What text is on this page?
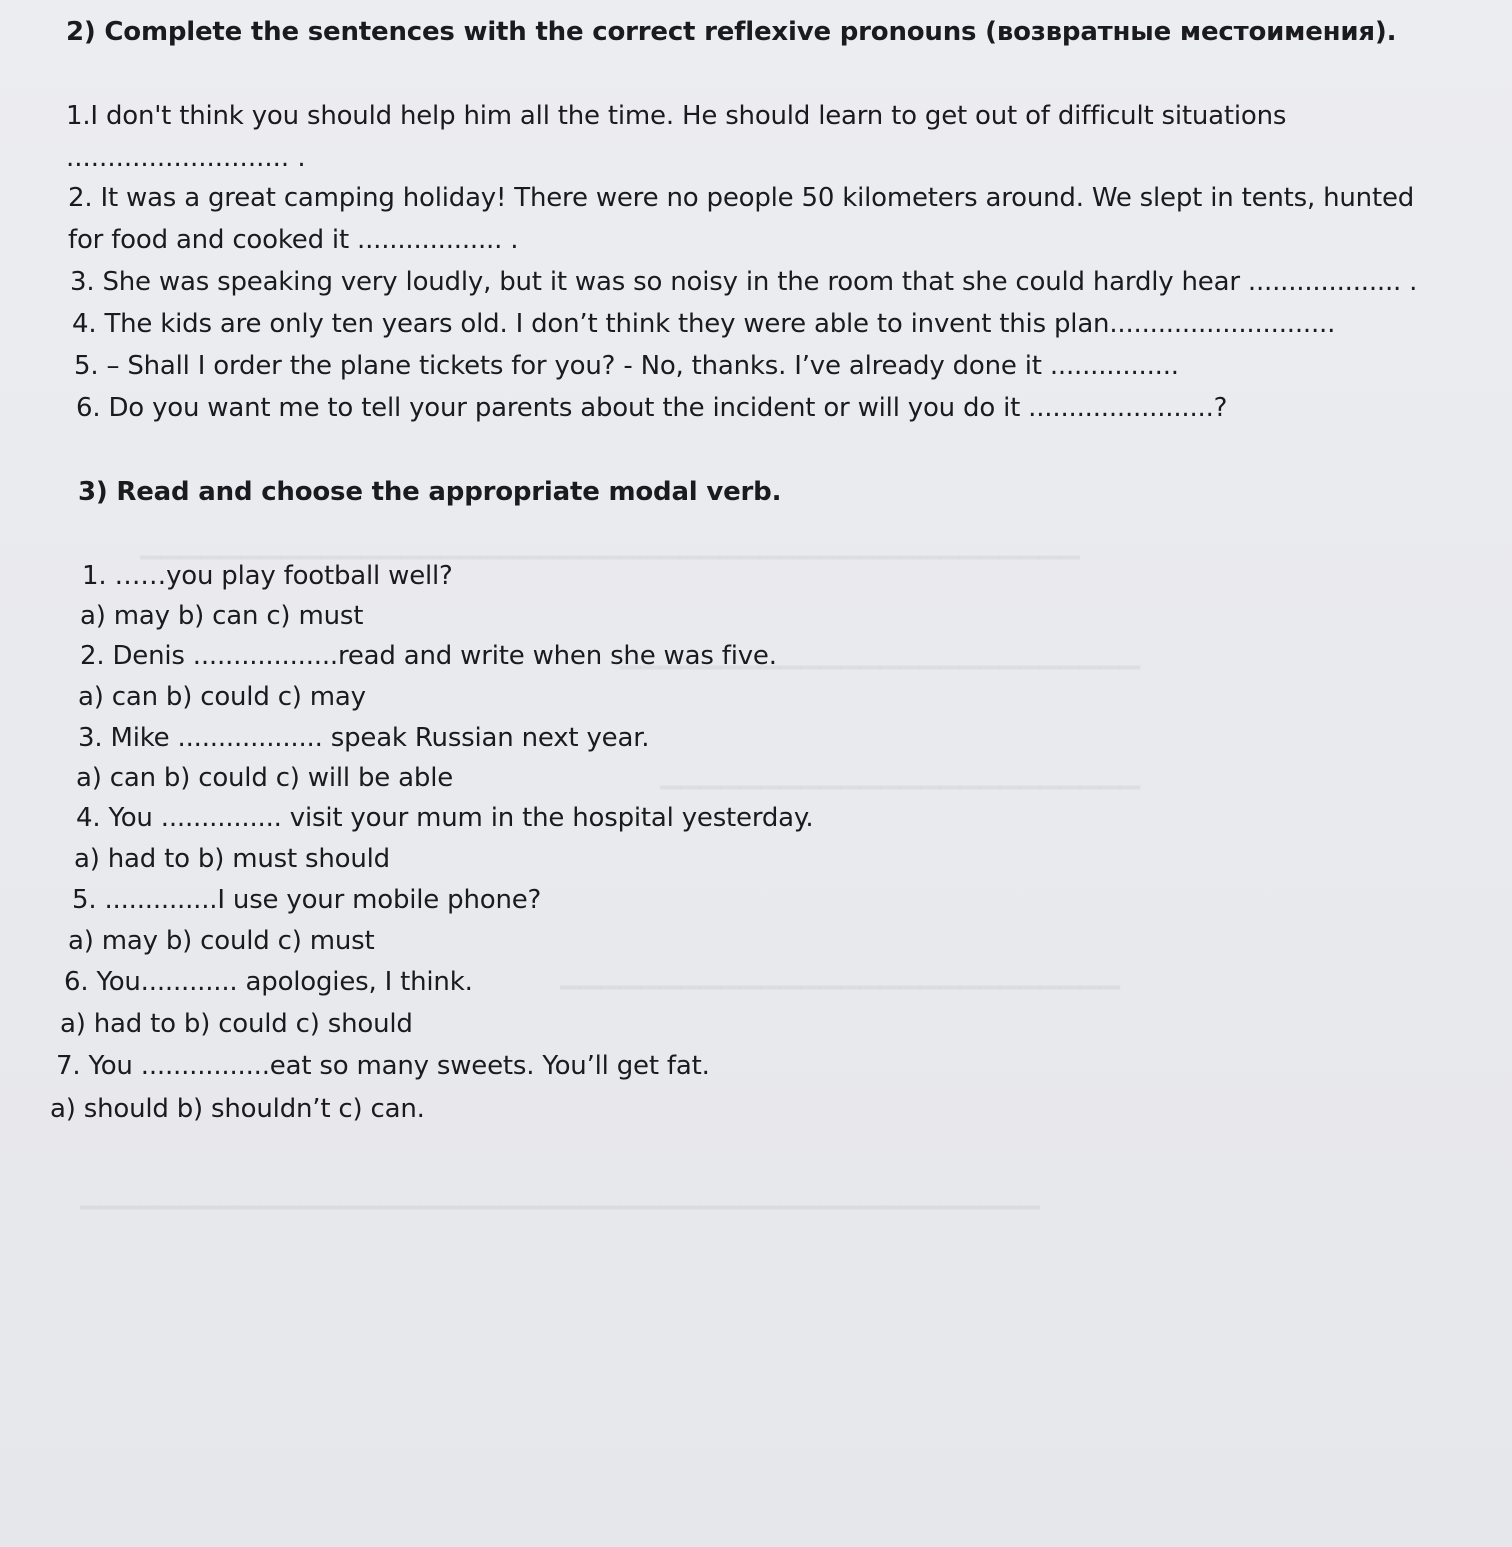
▁▁▁▁▁▁▁▁▁▁▁▁▁▁▁▁▁▁▁▁▁▁▁▁▁▁▁▁▁▁▁▁▁▁▁▁▁▁▁▁▁▁▁▁▁▁▁
▁▁▁▁▁▁▁▁▁▁▁▁▁▁▁▁▁▁▁▁▁▁▁▁▁▁
▁▁▁▁▁▁▁▁▁▁▁▁▁▁▁▁▁▁▁▁▁▁▁▁
▁▁▁▁▁▁▁▁▁▁▁▁▁▁▁▁▁▁▁▁▁▁▁▁▁▁▁▁
▁▁▁▁▁▁▁▁▁▁▁▁▁▁▁▁▁▁▁▁▁▁▁▁▁▁▁▁▁▁▁▁▁▁▁▁▁▁▁▁▁▁▁▁▁▁▁▁
2) Complete the sentences with the correct reflexive pronouns (возвратные местоимения).
1.I don't think you should help him all the time. He should learn to get out of difficult situations
........................... .
2. It was a great camping holiday! There were no people 50 kilometers around. We slept in tents, hunted
for food and cooked it .................. .
3. She was speaking very loudly, but it was so noisy in the room that she could hardly hear ................... .
4. The kids are only ten years old. I don’t think they were able to invent this plan............................
5. – Shall I order the plane tickets for you? - No, thanks. I’ve already done it ................
6. Do you want me to tell your parents about the incident or will you do it .......................?
3) Read and choose the appropriate modal verb.
1. ……you play football well?
a) may b) can c) must
2. Denis ..................read and write when she was five.
a) can b) could c) may
3. Mike .................. speak Russian next year.
a) can b) could c) will be able
4. You ............... visit your mum in the hospital yesterday.
a) had to b) must should
5. ..............I use your mobile phone?
a) may b) could c) must
6. You............ apologies, I think.
a) had to b) could c) should
7. You ................eat so many sweets. You’ll get fat.
a) should b) shouldn’t c) can.
